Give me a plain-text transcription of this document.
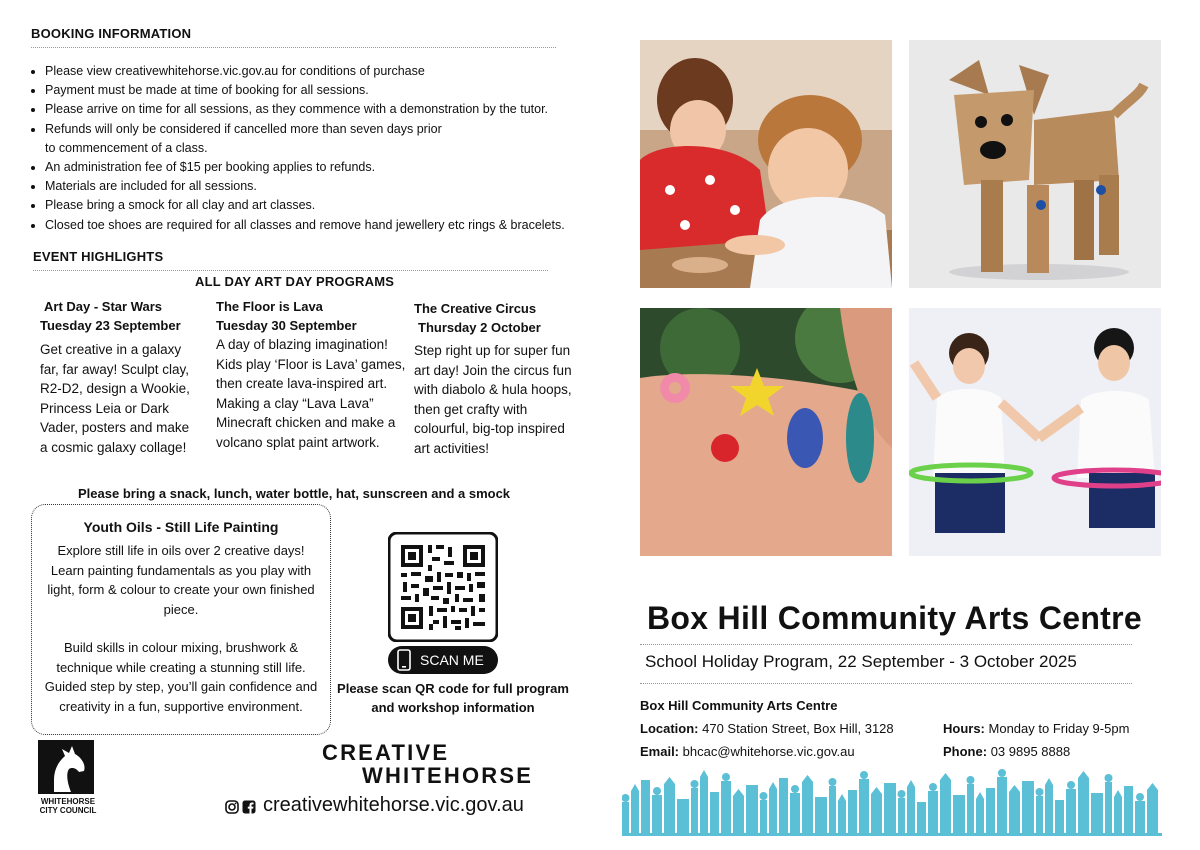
BOOKING INFORMATION
• Please view creativewhitehorse.vic.gov.au for conditions of purchase
• Payment must be made at time of booking for all sessions.
• Please arrive on time for all sessions, as they commence with a demonstration by the tutor.
• Refunds will only be considered if cancelled more than seven days prior
to commencement of a class.
• An administration fee of $15 per booking applies to refunds.
• Materials are included for all sessions.
• Please bring a smock for all clay and art classes.
• Closed toe shoes are required for all classes and remove hand jewellery etc rings & bracelets.
EVENT HIGHLIGHTS
ALL DAY ART DAY PROGRAMS
Art Day - Star Wars
Tuesday 23 September
Get creative in a galaxy far, far away! Sculpt clay, R2-D2, design a Wookie, Princess Leia or Dark Vader, posters and make a cosmic galaxy collage!
The Floor is Lava
Tuesday 30 September
A day of blazing imagination! Kids play ‘Floor is Lava’ games, then create lava-inspired art. Making a clay “Lava Lava” Minecraft chicken and make a volcano splat paint artwork.
The Creative Circus
Thursday 2 October
Step right up for super fun art day! Join the circus fun with diabolo & hula hoops, then get crafty with colourful, big-top inspired art activities!
Please bring a snack, lunch, water bottle, hat, sunscreen and a smock
Youth Oils - Still Life Painting
Explore still life in oils over 2 creative days! Learn painting fundamentals as you play with light, form & colour to create your own finished piece.
Build skills in colour mixing, brushwork & technique while creating a stunning still life. Guided step by step, you’ll gain confidence and creativity in a fun, supportive environment.
SCAN ME
Please scan QR code for full program
and workshop information
WHITEHORSE
CITY COUNCIL
CREATIVE
WHITEHORSE
creativewhitehorse.vic.gov.au
Box Hill Community Arts Centre
School Holiday Program, 22 September - 3 October 2025
Box Hill Community Arts Centre
Location: 470 Station Street, Box Hill, 3128
Email: bhcac@whitehorse.vic.gov.au
Hours: Monday to Friday 9-5pm
Phone: 03 9895 8888
